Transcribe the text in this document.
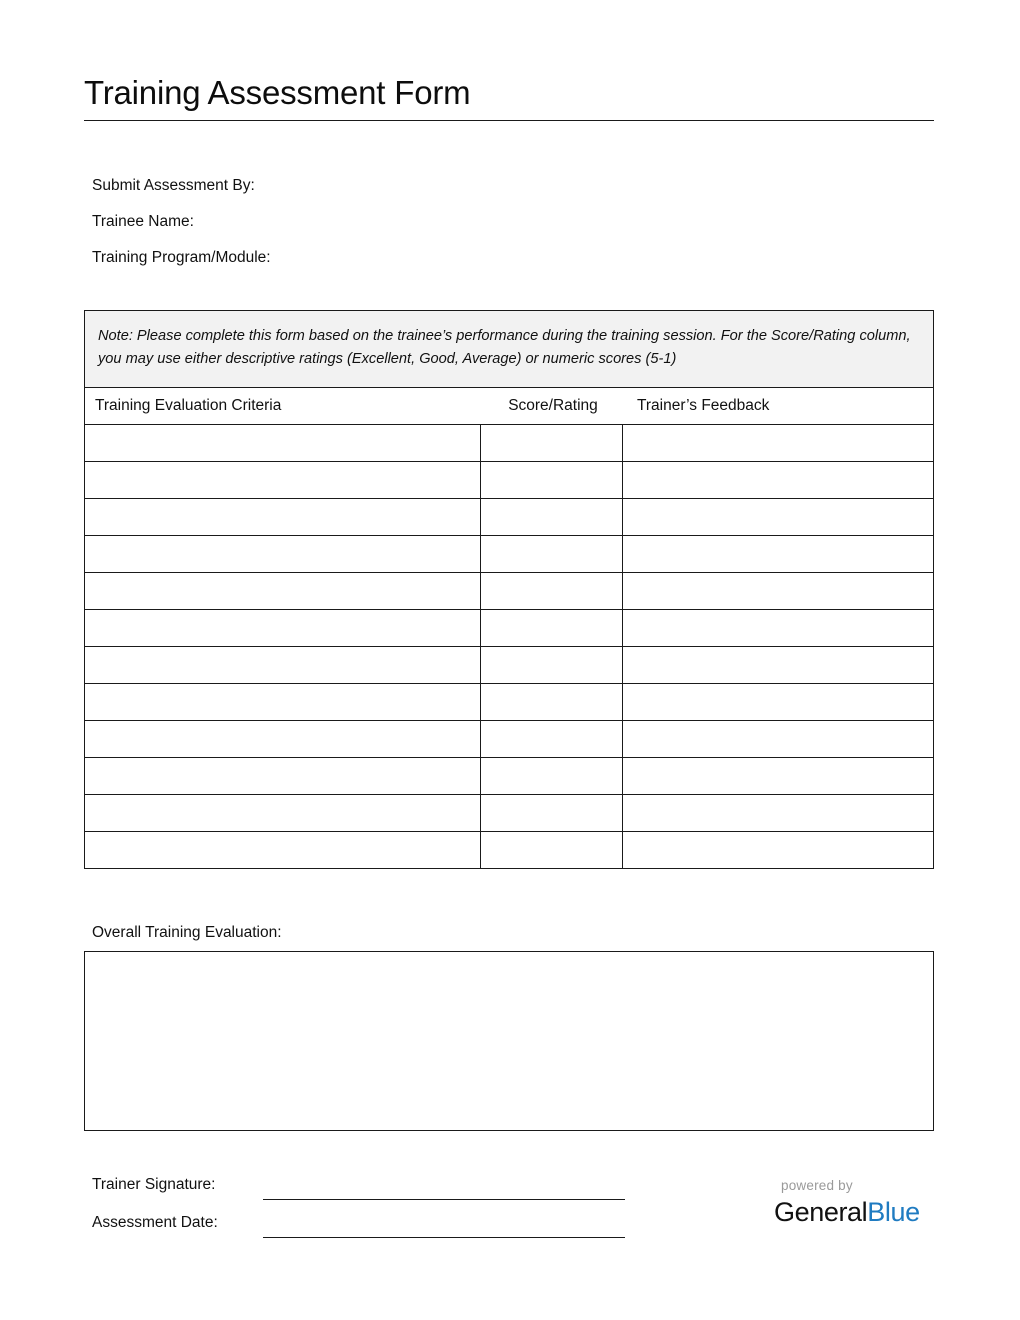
Training Assessment Form
Submit Assessment By:
Trainee Name:
Training Program/Module:
Note: Please complete this form based on the trainee’s performance during the training session. For the Score/Rating column, you may use either descriptive ratings (Excellent, Good, Average) or numeric scores (5-1)
Training Evaluation Criteria	Score/Rating	Trainer’s Feedback
Overall Training Evaluation:
Trainer Signature:
Assessment Date:
powered by
GeneralBlue
